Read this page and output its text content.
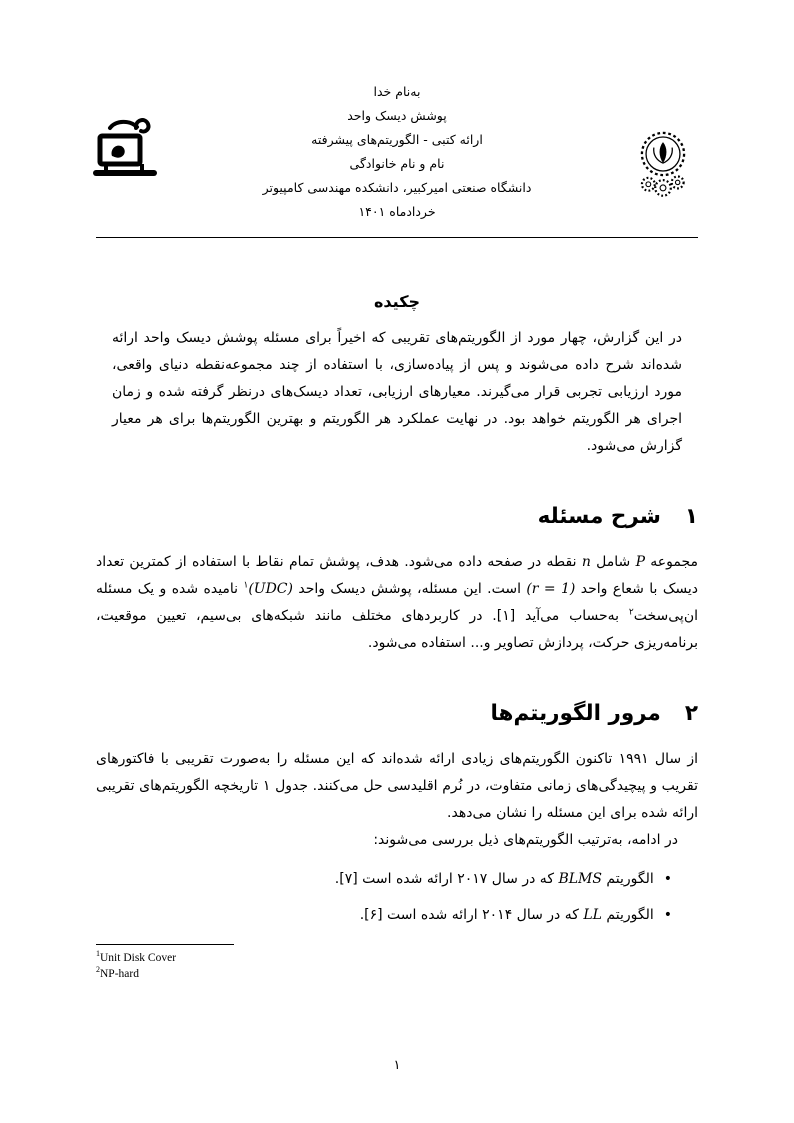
به‌نام خدا
پوشش دیسک واحد
ارائه کتبی - الگوریتم‌های پیشرفته
نام و نام خانوادگی
دانشگاه صنعتی امیرکبیر، دانشکده مهندسی کامپیوتر
خردادماه ۱۴۰۱
چکیده

در این گزارش، چهار مورد از الگوریتم‌های تقریبی که اخیراً برای مسئله پوشش دیسک واحد ارائه شده‌اند شرح داده می‌شوند و پس از پیاده‌سازی، با استفاده از چند مجموعه‌نقطه دنیای واقعی، مورد ارزیابی تجربی قرار می‌گیرند. معیارهای ارزیابی، تعداد دیسک‌های درنظر گرفته شده و زمان اجرای هر الگوریتم خواهد بود. در نهایت عملکرد هر الگوریتم و بهترین الگوریتم‌ها برای هر معیار گزارش می‌شود.

۱
شرح مسئله

مجموعه P شامل n نقطه در صفحه داده می‌شود. هدف، پوشش تمام نقاط با استفاده از کمترین تعداد دیسک با شعاع واحد (r = 1) است. این مسئله، پوشش دیسک واحد (UDC)$^۱$ نامیده شده و یک مسئله ان‌پی‌سخت$^۲$ به‌حساب می‌آید [۱]. در کاربردهای مختلف مانند شبکه‌های بی‌سیم، تعیین موقعیت، برنامه‌ریزی حرکت، پردازش تصاویر و... استفاده می‌شود.

۲
مرور الگوریتم‌ها

از سال ۱۹۹۱ تاکنون الگوریتم‌های زیادی ارائه شده‌اند که این مسئله را به‌صورت تقریبی با فاکتورهای تقریب و پیچیدگی‌های زمانی متفاوت، در نُرم اقلیدسی حل می‌کنند. جدول ۱ تاریخچه الگوریتم‌های تقریبی ارائه شده برای این مسئله را نشان می‌دهد.

در ادامه، به‌ترتیب الگوریتم‌های ذیل بررسی می‌شوند:

•
الگوریتم BLMS که در سال ۲۰۱۷ ارائه شده است [۷].
•
الگوریتم LL که در سال ۲۰۱۴ ارائه شده است [۶].
$^1$Unit Disk Cover
$^2$NP-hard
۱
